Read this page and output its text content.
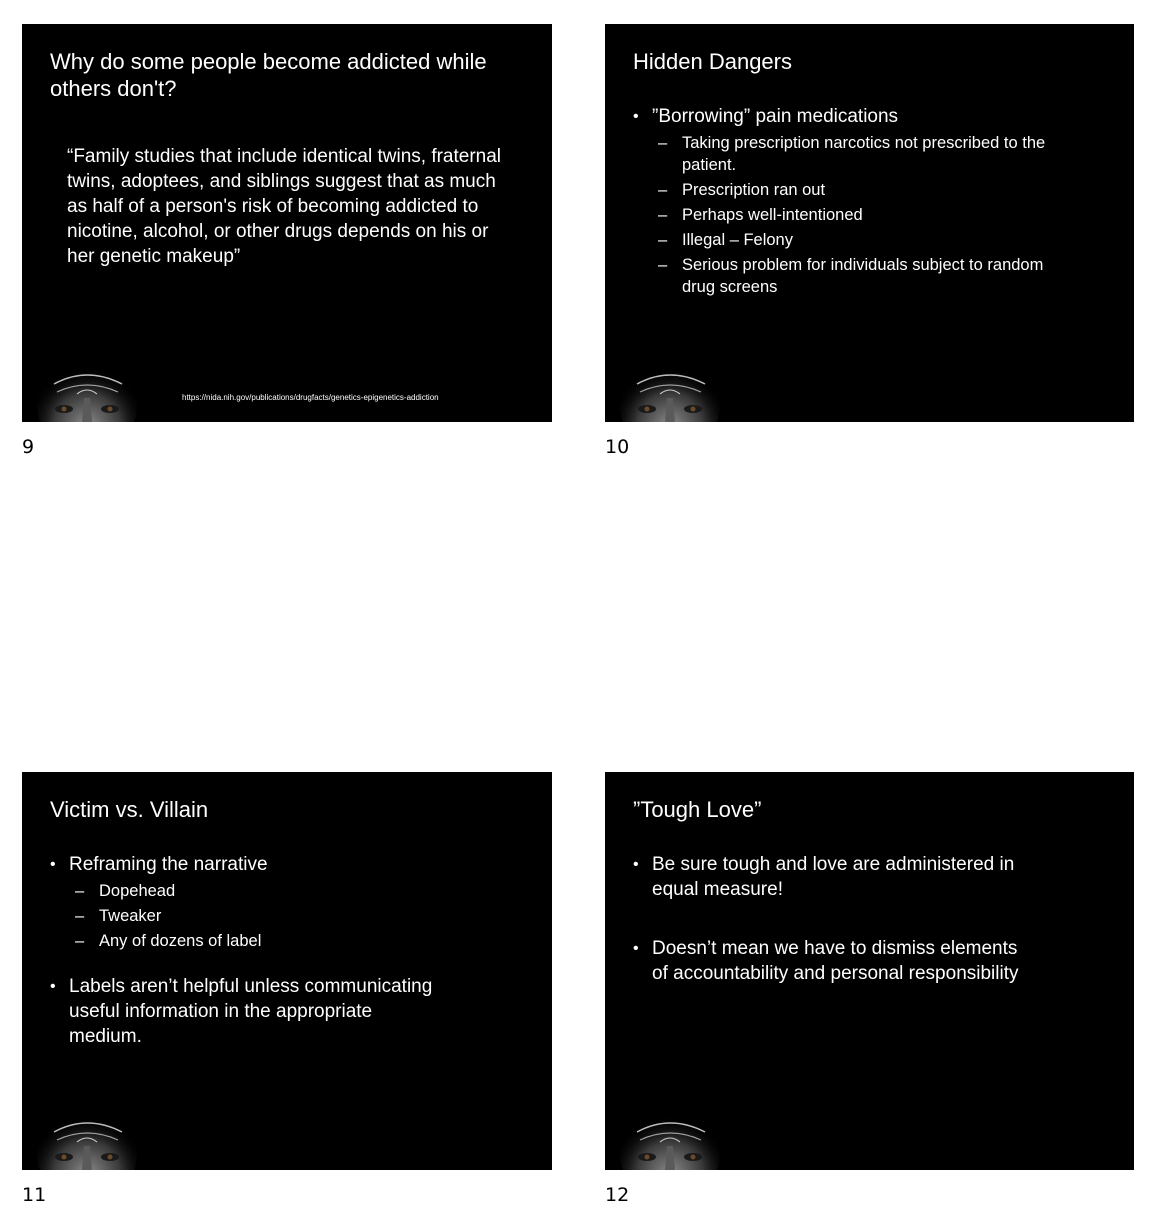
Why do some people become addicted while others don't?
“Family studies that include identical twins, fraternal twins, adoptees, and siblings suggest that as much as half of a person's risk of becoming addicted to nicotine, alcohol, or other drugs depends on his or her genetic makeup”
https://nida.nih.gov/publications/drugfacts/genetics-epigenetics-addiction
9
Hidden Dangers
• ”Borrowing” pain medications
– Taking prescription narcotics not prescribed to the patient.
– Prescription ran out
– Perhaps well-intentioned
– Illegal – Felony
– Serious problem for individuals subject to random drug screens
10
Victim vs. Villain
• Reframing the narrative
– Dopehead
– Tweaker
– Any of dozens of label
• Labels aren’t helpful unless communicating useful information in the appropriate medium.
11
”Tough Love”
• Be sure tough and love are administered in equal measure!
• Doesn’t mean we have to dismiss elements of accountability and personal responsibility
12
